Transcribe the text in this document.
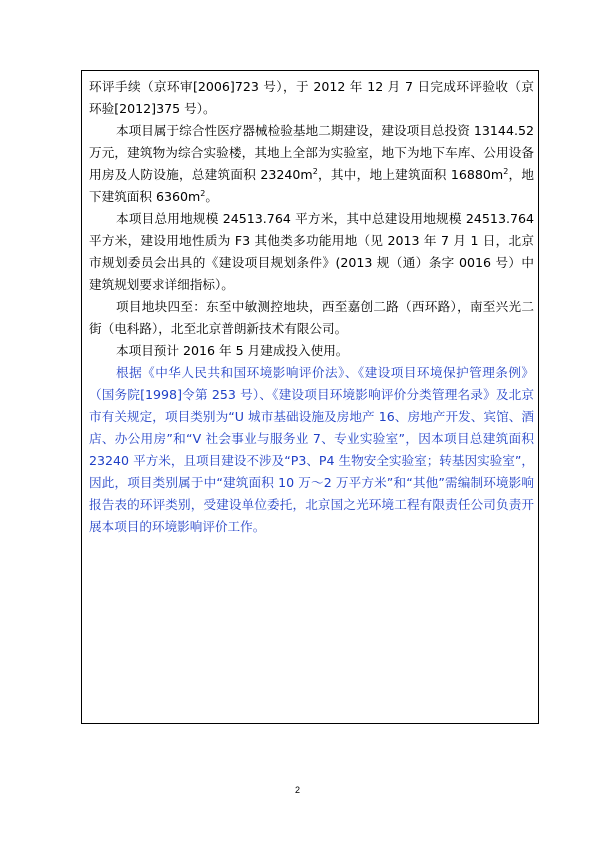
环评手续（京环审[2006]723 号），于 2012 年 12 月 7 日完成环评验收（京环验[2012]375 号）。

本项目属于综合性医疗器械检验基地二期建设，建设项目总投资 13144.52 万元，建筑物为综合实验楼，其地上全部为实验室，地下为地下车库、公用设备用房及人防设施，总建筑面积 $23240m^2$，其中，地上建筑面积 $16880m^2$，地下建筑面积 $6360m^2$。

本项目总用地规模 24513.764 平方米，其中总建设用地规模 24513.764 平方米，建设用地性质为 F3 其他类多功能用地（见 2013 年 7 月 1 日，北京市规划委员会出具的《建设项目规划条件》(2013 规（通）条字 0016 号）中建筑规划要求详细指标）。

项目地块四至：东至中敏测控地块，西至嘉创二路（西环路），南至兴光二街（电科路），北至北京普朗新技术有限公司。

本项目预计 2016 年 5 月建成投入使用。

根据《中华人民共和国环境影响评价法》、《建设项目环境保护管理条例》（国务院[1998]令第 253 号）、《建设项目环境影响评价分类管理名录》及北京市有关规定，项目类别为“U 城市基础设施及房地产 16、房地产开发、宾馆、酒店、办公用房”和“V 社会事业与服务业 7、专业实验室”，因本项目总建筑面积 23240 平方米，且项目建设不涉及“P3、P4 生物安全实验室；转基因实验室”，因此，项目类别属于中“建筑面积 10 万～2 万平方米”和“其他”需编制环境影响报告表的环评类别，受建设单位委托，北京国之光环境工程有限责任公司负责开展本项目的环境影响评价工作。

2
